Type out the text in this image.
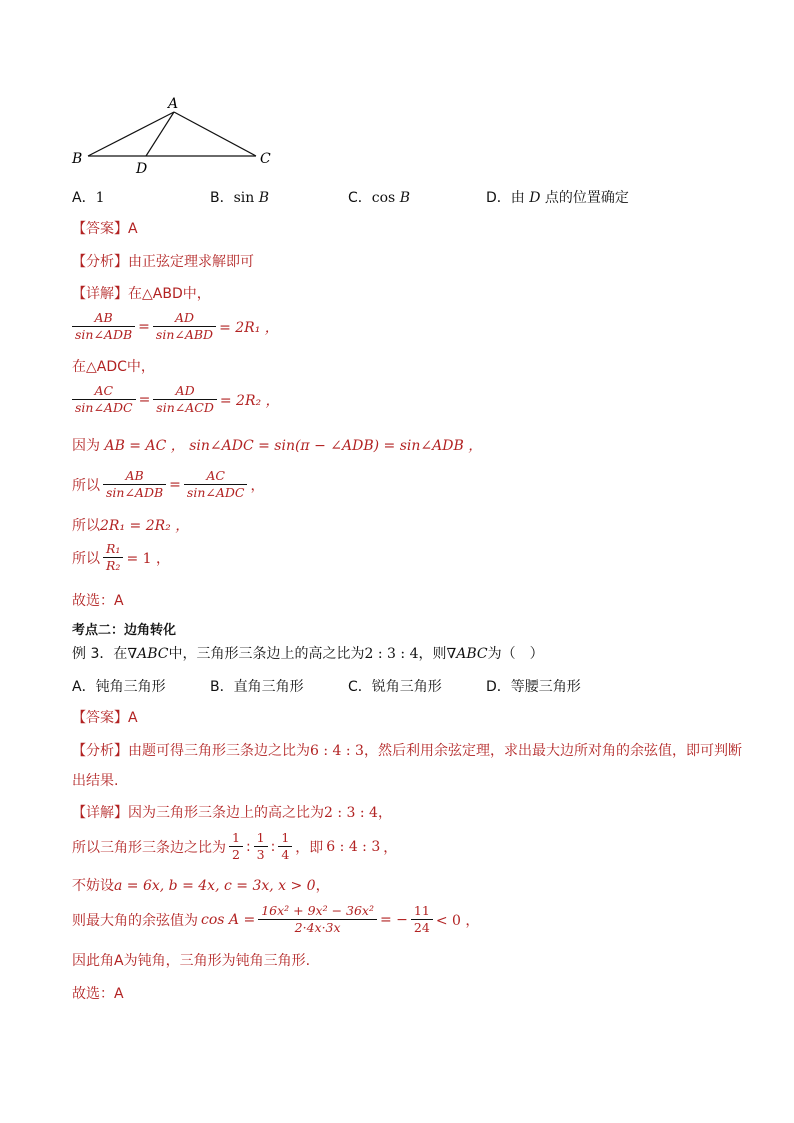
A
B	C
D
A．1	B．sin B	C．cos B	D．由 D 点的位置确定
【答案】A
【分析】由正弦定理求解即可
【详解】在△ABD中，
$\frac{AB}{\text{sin∠ADB}} = \frac{AD}{\text{sin∠ABD}} = 2R_1$ ，
在△ADC中，
$\frac{AC}{\text{sin∠ADC}} = \frac{AD}{\text{sin∠ACD}} = 2R_2$ ，
因为 AB = AC ， sin∠ADC = sin(π − ∠ADB) = sin∠ADB ，
所以 $\frac{AB}{\text{sin∠ADB}} = \frac{AC}{\text{sin∠ADC}}$ ，
所以2R₁ = 2R₂ ，
所以 $\frac{\text{R₁}}{\text{R₂}} = 1$ ，
故选：A
考点二：边角转化
例 3．在∇ABC中，三角形三条边上的高之比为2 : 3 : 4，则∇ABC为（　）
A．钝角三角形	B．直角三角形	C．锐角三角形	D．等腰三角形
【答案】A
【分析】由题可得三角形三条边之比为6 : 4 : 3，然后利用余弦定理，求出最大边所对角的余弦值，即可判断
出结果.
【详解】因为三角形三条边上的高之比为2 : 3 : 4，
所以三角形三条边之比为 $\frac{1}{2}$ : $\frac{1}{3}$ : $\frac{1}{4}$ ，即 6 : 4 : 3 ，
不妨设a = 6x, b = 4x, c = 3x, x > 0，
则最大角的余弦值为 $\cos A = \frac{\text{16x² + 9x² − 36x²}}{2\cdot 4x\cdot 3x}$ = − $\frac{11}{24} < 0$ ，
因此角A为钝角，三角形为钝角三角形.
故选：A
